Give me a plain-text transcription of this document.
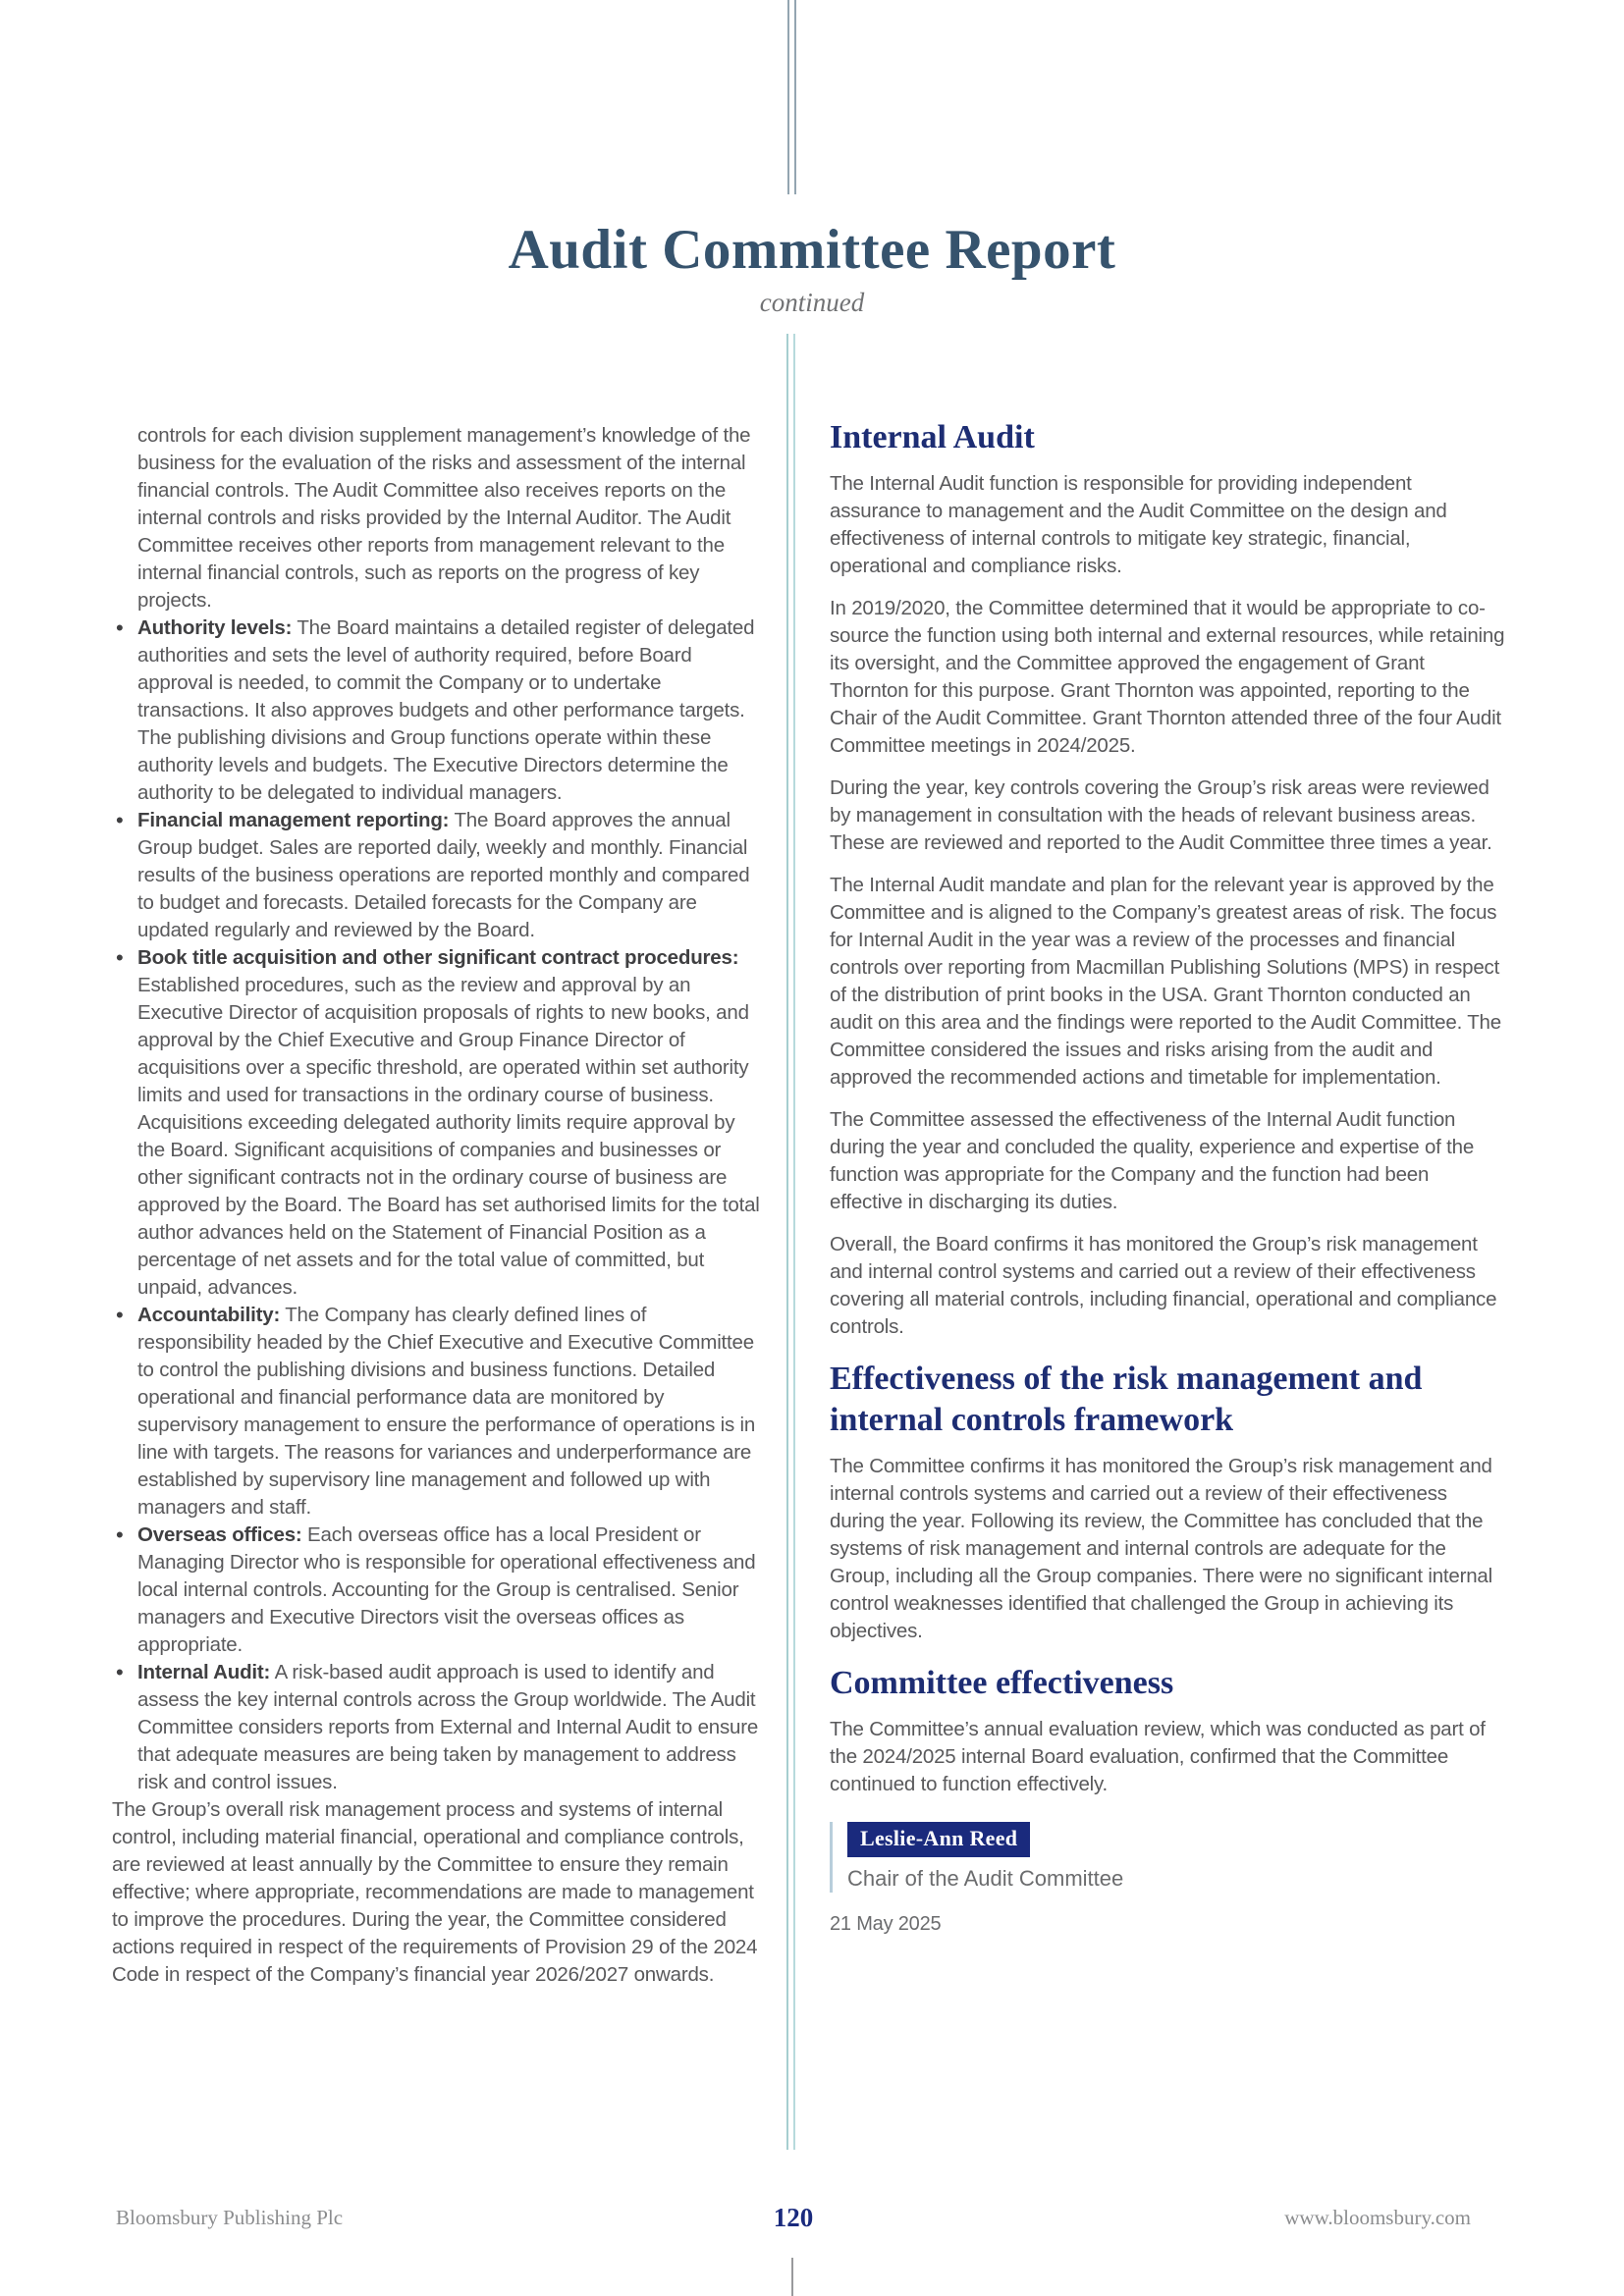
Audit Committee Report
continued

controls for each division supplement management’s knowledge of the business for the evaluation of the risks and assessment of the internal financial controls. The Audit Committee also receives reports on the internal controls and risks provided by the Internal Auditor. The Audit Committee receives other reports from management relevant to the internal financial controls, such as reports on the progress of key projects.

• Authority levels: The Board maintains a detailed register of delegated authorities and sets the level of authority required, before Board approval is needed, to commit the Company or to undertake transactions. It also approves budgets and other performance targets. The publishing divisions and Group functions operate within these authority levels and budgets. The Executive Directors determine the authority to be delegated to individual managers.
• Financial management reporting: The Board approves the annual Group budget. Sales are reported daily, weekly and monthly. Financial results of the business operations are reported monthly and compared to budget and forecasts. Detailed forecasts for the Company are updated regularly and reviewed by the Board.
• Book title acquisition and other significant contract procedures: Established procedures, such as the review and approval by an Executive Director of acquisition proposals of rights to new books, and approval by the Chief Executive and Group Finance Director of acquisitions over a specific threshold, are operated within set authority limits and used for transactions in the ordinary course of business. Acquisitions exceeding delegated authority limits require approval by the Board. Significant acquisitions of companies and businesses or other significant contracts not in the ordinary course of business are approved by the Board. The Board has set authorised limits for the total author advances held on the Statement of Financial Position as a percentage of net assets and for the total value of committed, but unpaid, advances.
• Accountability: The Company has clearly defined lines of responsibility headed by the Chief Executive and Executive Committee to control the publishing divisions and business functions. Detailed operational and financial performance data are monitored by supervisory management to ensure the performance of operations is in line with targets. The reasons for variances and underperformance are established by supervisory line management and followed up with managers and staff.
• Overseas offices: Each overseas office has a local President or Managing Director who is responsible for operational effectiveness and local internal controls. Accounting for the Group is centralised. Senior managers and Executive Directors visit the overseas offices as appropriate.
• Internal Audit: A risk-based audit approach is used to identify and assess the key internal controls across the Group worldwide. The Audit Committee considers reports from External and Internal Audit to ensure that adequate measures are being taken by management to address risk and control issues.

The Group’s overall risk management process and systems of internal control, including material financial, operational and compliance controls, are reviewed at least annually by the Committee to ensure they remain effective; where appropriate, recommendations are made to management to improve the procedures. During the year, the Committee considered actions required in respect of the requirements of Provision 29 of the 2024 Code in respect of the Company’s financial year 2026/2027 onwards.

Internal Audit

The Internal Audit function is responsible for providing independent assurance to management and the Audit Committee on the design and effectiveness of internal controls to mitigate key strategic, financial, operational and compliance risks.

In 2019/2020, the Committee determined that it would be appropriate to co-source the function using both internal and external resources, while retaining its oversight, and the Committee approved the engagement of Grant Thornton for this purpose. Grant Thornton was appointed, reporting to the Chair of the Audit Committee. Grant Thornton attended three of the four Audit Committee meetings in 2024/2025.

During the year, key controls covering the Group’s risk areas were reviewed by management in consultation with the heads of relevant business areas. These are reviewed and reported to the Audit Committee three times a year.

The Internal Audit mandate and plan for the relevant year is approved by the Committee and is aligned to the Company’s greatest areas of risk. The focus for Internal Audit in the year was a review of the processes and financial controls over reporting from Macmillan Publishing Solutions (MPS) in respect of the distribution of print books in the USA. Grant Thornton conducted an audit on this area and the findings were reported to the Audit Committee. The Committee considered the issues and risks arising from the audit and approved the recommended actions and timetable for implementation.

The Committee assessed the effectiveness of the Internal Audit function during the year and concluded the quality, experience and expertise of the function was appropriate for the Company and the function had been effective in discharging its duties.

Overall, the Board confirms it has monitored the Group’s risk management and internal control systems and carried out a review of their effectiveness covering all material controls, including financial, operational and compliance controls.

Effectiveness of the risk management and internal controls framework

The Committee confirms it has monitored the Group’s risk management and internal controls systems and carried out a review of their effectiveness during the year. Following its review, the Committee has concluded that the systems of risk management and internal controls are adequate for the Group, including all the Group companies. There were no significant internal control weaknesses identified that challenged the Group in achieving its objectives.

Committee effectiveness

The Committee’s annual evaluation review, which was conducted as part of the 2024/2025 internal Board evaluation, confirmed that the Committee continued to function effectively.

Leslie-Ann Reed
Chair of the Audit Committee
21 May 2025
Bloomsbury Publishing Plc	120	www.bloomsbury.com
